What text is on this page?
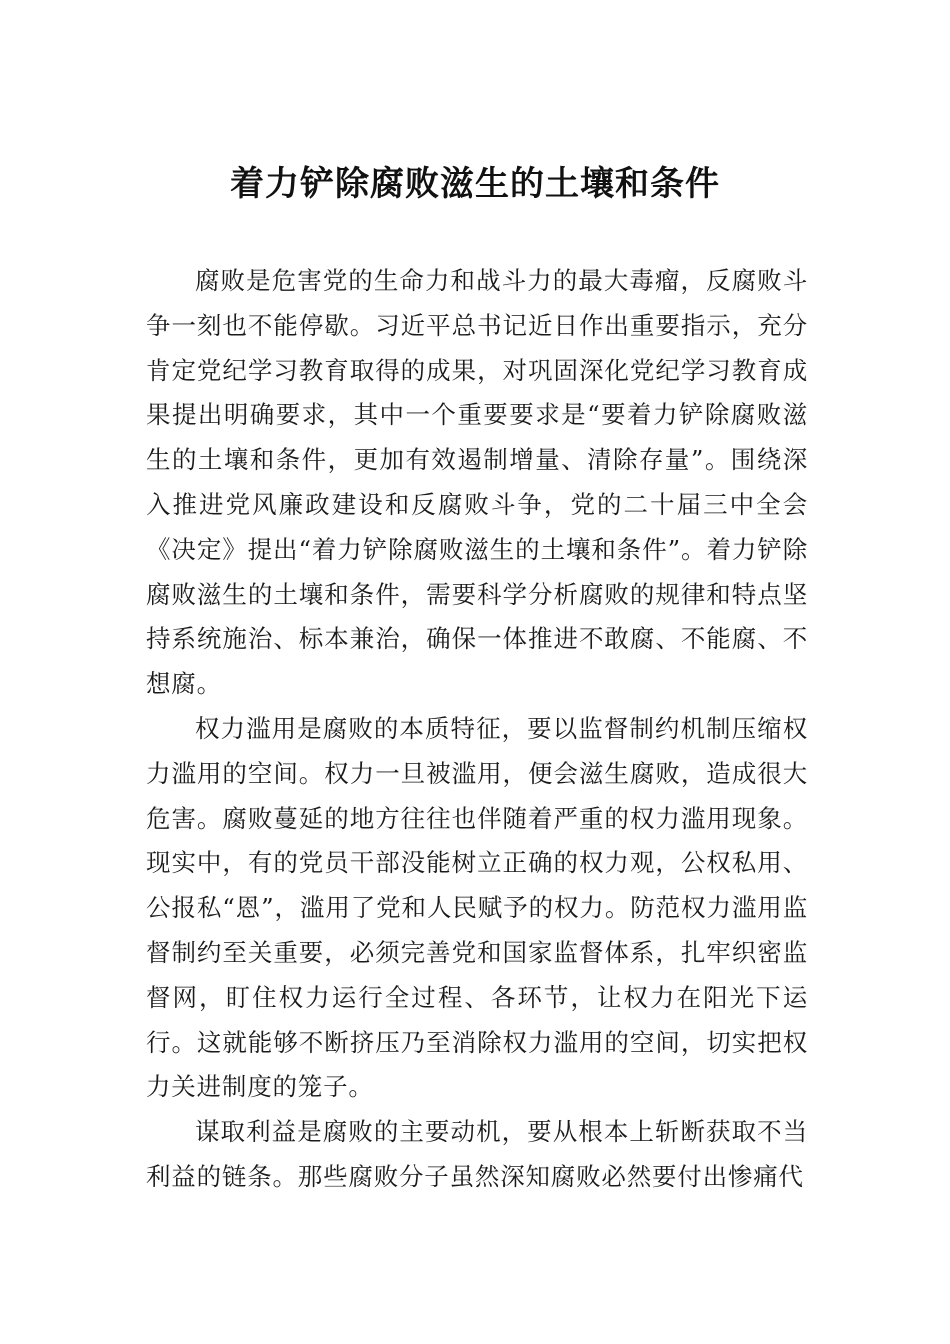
着力铲除腐败滋生的土壤和条件

腐败是危害党的生命力和战斗力的最大毒瘤，反腐败斗争一刻也不能停歇。习近平总书记近日作出重要指示，充分肯定党纪学习教育取得的成果，对巩固深化党纪学习教育成果提出明确要求，其中一个重要要求是“要着力铲除腐败滋生的土壤和条件，更加有效遏制增量、清除存量”。围绕深入推进党风廉政建设和反腐败斗争，党的二十届三中全会《决定》提出“着力铲除腐败滋生的土壤和条件”。着力铲除腐败滋生的土壤和条件，需要科学分析腐败的规律和特点坚持系统施治、标本兼治，确保一体推进不敢腐、不能腐、不想腐。

权力滥用是腐败的本质特征，要以监督制约机制压缩权力滥用的空间。权力一旦被滥用，便会滋生腐败，造成很大危害。腐败蔓延的地方往往也伴随着严重的权力滥用现象。现实中，有的党员干部没能树立正确的权力观，公权私用、公报私“恩”，滥用了党和人民赋予的权力。防范权力滥用监督制约至关重要，必须完善党和国家监督体系，扎牢织密监督网，盯住权力运行全过程、各环节，让权力在阳光下运行。这就能够不断挤压乃至消除权力滥用的空间，切实把权力关进制度的笼子。

谋取利益是腐败的主要动机，要从根本上斩断获取不当利益的链条。那些腐败分子虽然深知腐败必然要付出惨痛代
